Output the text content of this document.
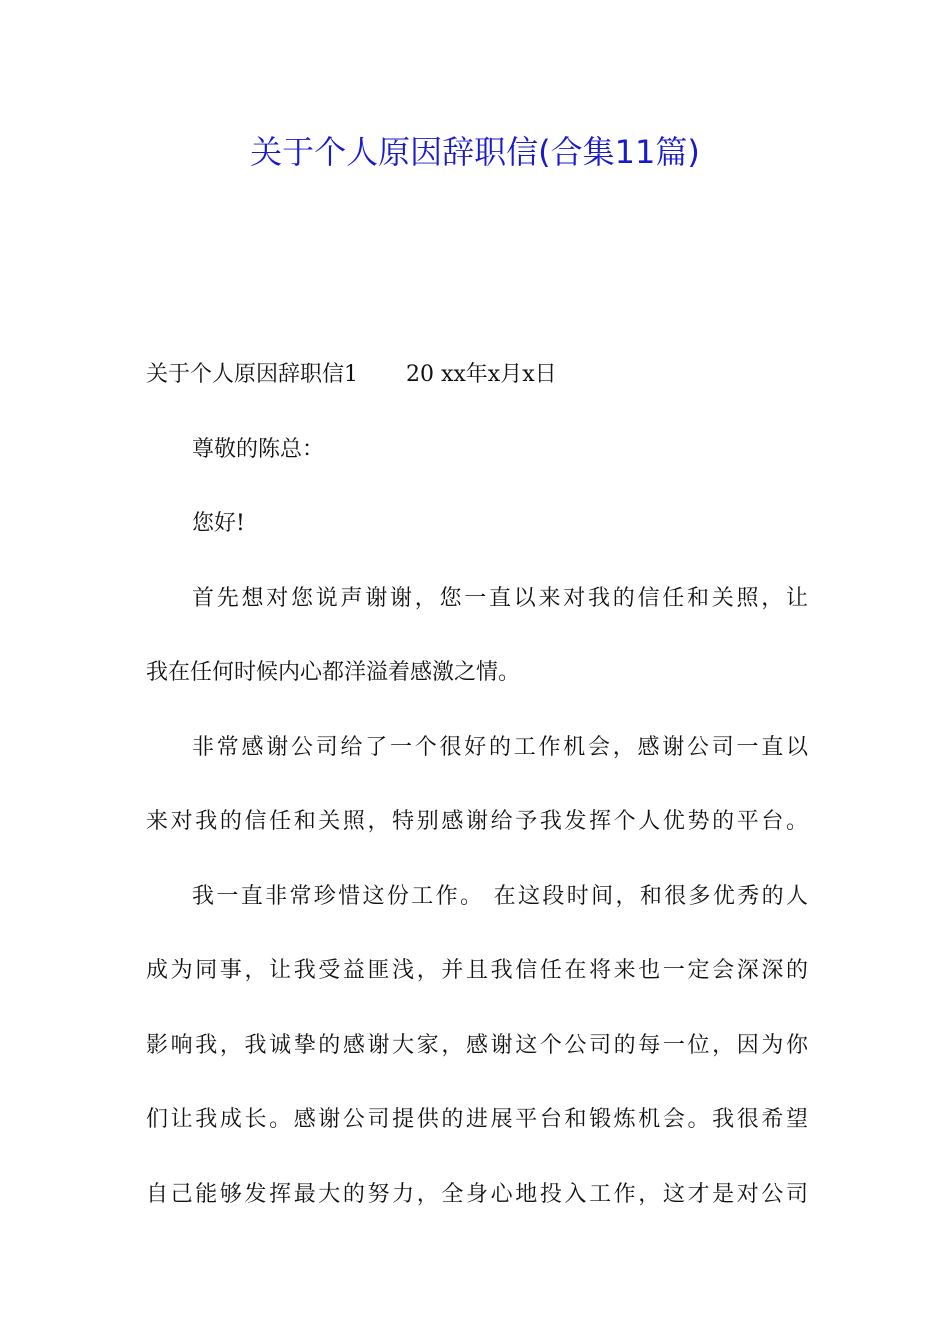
关于个人原因辞职信(合集11篇)

关于个人原因辞职信1 20 xx年x月x日

尊敬的陈总：

您好!

首先想对您说声谢谢，您一直以来对我的信任和关照，让

我在任何时候内心都洋溢着感激之情。

非常感谢公司给了一个很好的工作机会，感谢公司一直以

来对我的信任和关照，特别感谢给予我发挥个人优势的平台。

我一直非常珍惜这份工作。 在这段时间，和很多优秀的人

成为同事，让我受益匪浅，并且我信任在将来也一定会深深的

影响我，我诚挚的感谢大家，感谢这个公司的每一位，因为你

们让我成长。感谢公司提供的进展平台和锻炼机会。我很希望

自己能够发挥最大的努力，全身心地投入工作，这才是对公司
